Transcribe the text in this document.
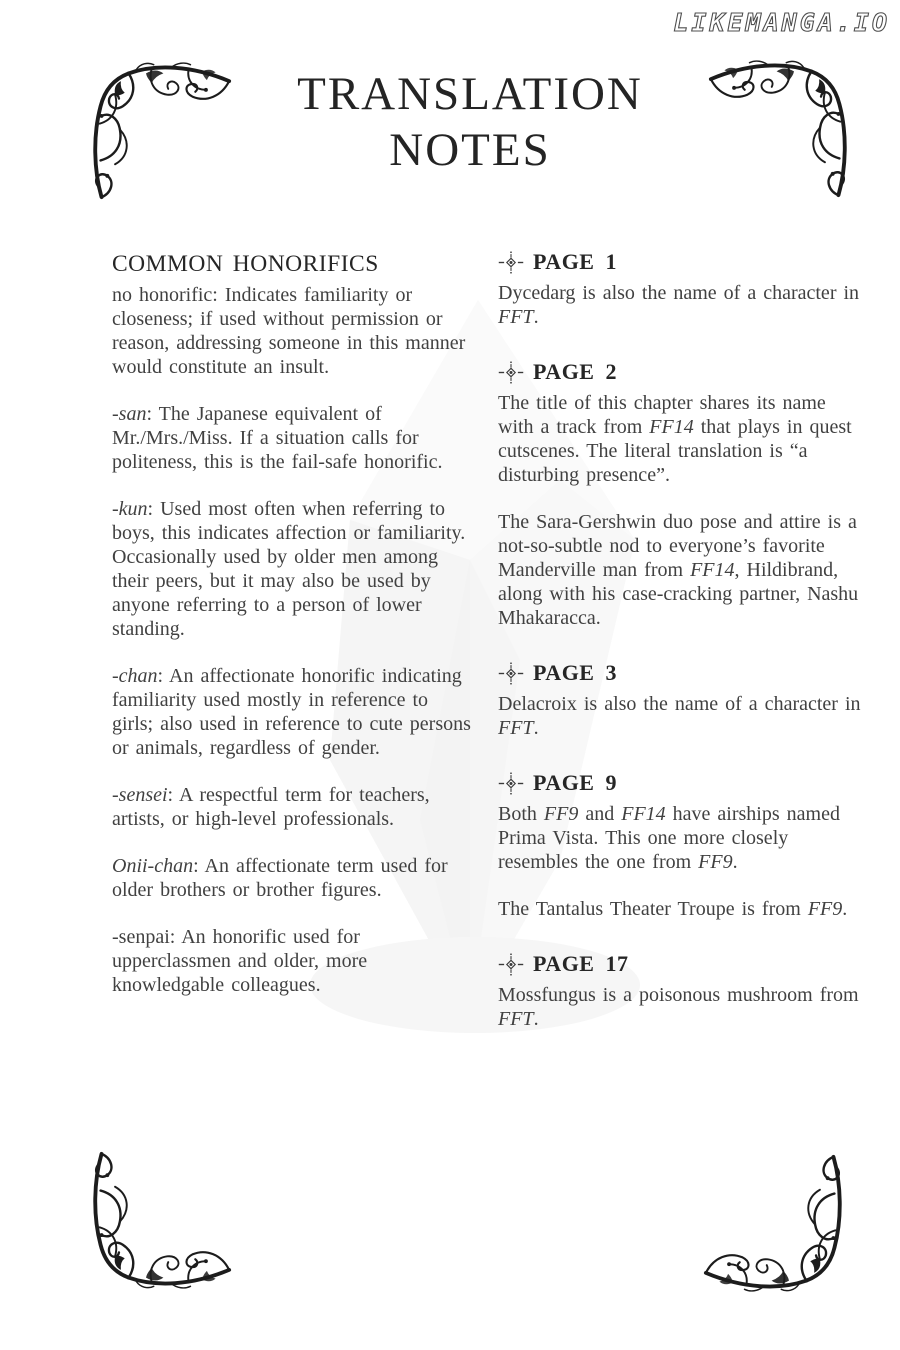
LIKEMANGA.IO
TRANSLATION
NOTES
COMMON HONORIFICS

no honorific: Indicates familiarity or closeness; if used without permission or reason, addressing someone in this manner would constitute an insult.

-san: The Japanese equivalent of Mr./Mrs./Miss. If a situation calls for politeness, this is the fail-safe honorific.

-kun: Used most often when referring to boys, this indicates affection or familiarity. Occasionally used by older men among their peers, but it may also be used by anyone referring to a person of lower standing.

-chan: An affectionate honorific indicating familiarity used mostly in reference to girls; also used in reference to cute persons or animals, regardless of gender.

-sensei: A respectful term for teachers, artists, or high-level professionals.

Onii-chan: An affectionate term used for older brothers or brother figures.

-senpai: An honorific used for upperclassmen and older, more knowledgable colleagues.

PAGE 1

Dycedarg is also the name of a character in FFT.

PAGE 2

The title of this chapter shares its name with a track from FF14 that plays in quest cutscenes. The literal translation is “a disturbing presence”.

The Sara-Gershwin duo pose and attire is a not-so-subtle nod to everyone’s favorite Manderville man from FF14, Hildibrand, along with his case-cracking partner, Nashu Mhakaracca.

PAGE 3

Delacroix is also the name of a character in FFT.

PAGE 9

Both FF9 and FF14 have airships named Prima Vista. This one more closely resembles the one from FF9.

The Tantalus Theater Troupe is from FF9.

PAGE 17

Mossfungus is a poisonous mushroom from FFT.
